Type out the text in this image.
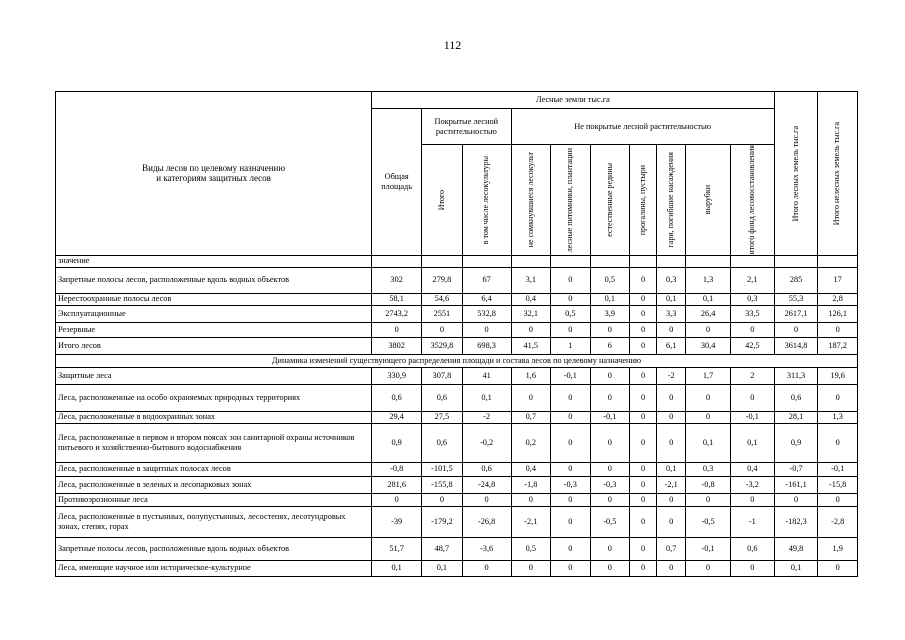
112
Виды лесов по целевому назначению
и категориям защитных лесов	Лесные земли тыс.га										Итого лесных земель тыс.га	Итого нелесных земель тыс.га

	Общая площадь	Покрытые лесной растительностью		Не покрытые лесной растительностью								

		Итого	в том числе лесокультуры	не сомкнувшиеся лесокульт	лесные питомники, плантации	естественные редины	прогалины, пустыри	гари, погибшие насаждения	вырубки	итого фонд лесовосстановления		

значение												
Запретные полосы лесов, расположенные вдоль водных объектов	302	279,8	67	3,1	0	0,5	0	0,3	1,3	2,1	285	17
Нерестоохранные полосы лесов	58,1	54,6	6,4	0,4	0	0,1	0	0,1	0,1	0,3	55,3	2,8
Эксплуатационные	2743,2	2551	532,8	32,1	0,5	3,9	0	3,3	26,4	33,5	2617,1	126,1
Резервные	0	0	0	0	0	0	0	0	0	0	0	0
Итого лесов	3802	3529,8	698,3	41,5	1	6	0	6,1	30,4	42,5	3614,8	187,2
Динамика изменений существующего распределения площади и состава лесов по целевому назначению												
Защитные леса	330,9	307,8	41	1,6	-0,1	0	0	-2	1,7	2	311,3	19,6
Леса, расположенные на особо охраняемых природных территориях	0,6	0,6	0,1	0	0	0	0	0	0	0	0,6	0
Леса, расположенные в водоохранных зонах	29,4	27,5	-2	0,7	0	-0,1	0	0	0	-0,1	28,1	1,3
Леса, расположенные в первом и втором поясах зон санитарной охраны источников питьевого и хозяйственно-бытового водоснабжения	0,9	0,6	-0,2	0,2	0	0	0	0	0,1	0,1	0,9	0
Леса, расположенные в защитных полосах лесов	-0,8	-101,5	0,6	0,4	0	0	0	0,1	0,3	0,4	-0,7	-0,1
Леса, расположенные в зеленых и лесопарковых зонах	281,6	-155,8	-24,8	-1,8	-0,3	-0,3	0	-2,1	-0,8	-3,2	-161,1	-15,8
Противоэрозионные леса	0	0	0	0	0	0	0	0	0	0	0	0
Леса, расположенные в пустынных, полупустынных, лесостепях, лесотундровых зонах, степях, горах	-39	-179,2	-26,8	-2,1	0	-0,5	0	0	-0,5	-1	-182,3	-2,8
Запретные полосы лесов, расположенные вдоль водных объектов	51,7	48,7	-3,6	0,5	0	0	0	0,7	-0,1	0,6	49,8	1,9
Леса, имеющие научное или историческое-культурное	0,1	0,1	0	0	0	0	0	0	0	0	0,1	0
